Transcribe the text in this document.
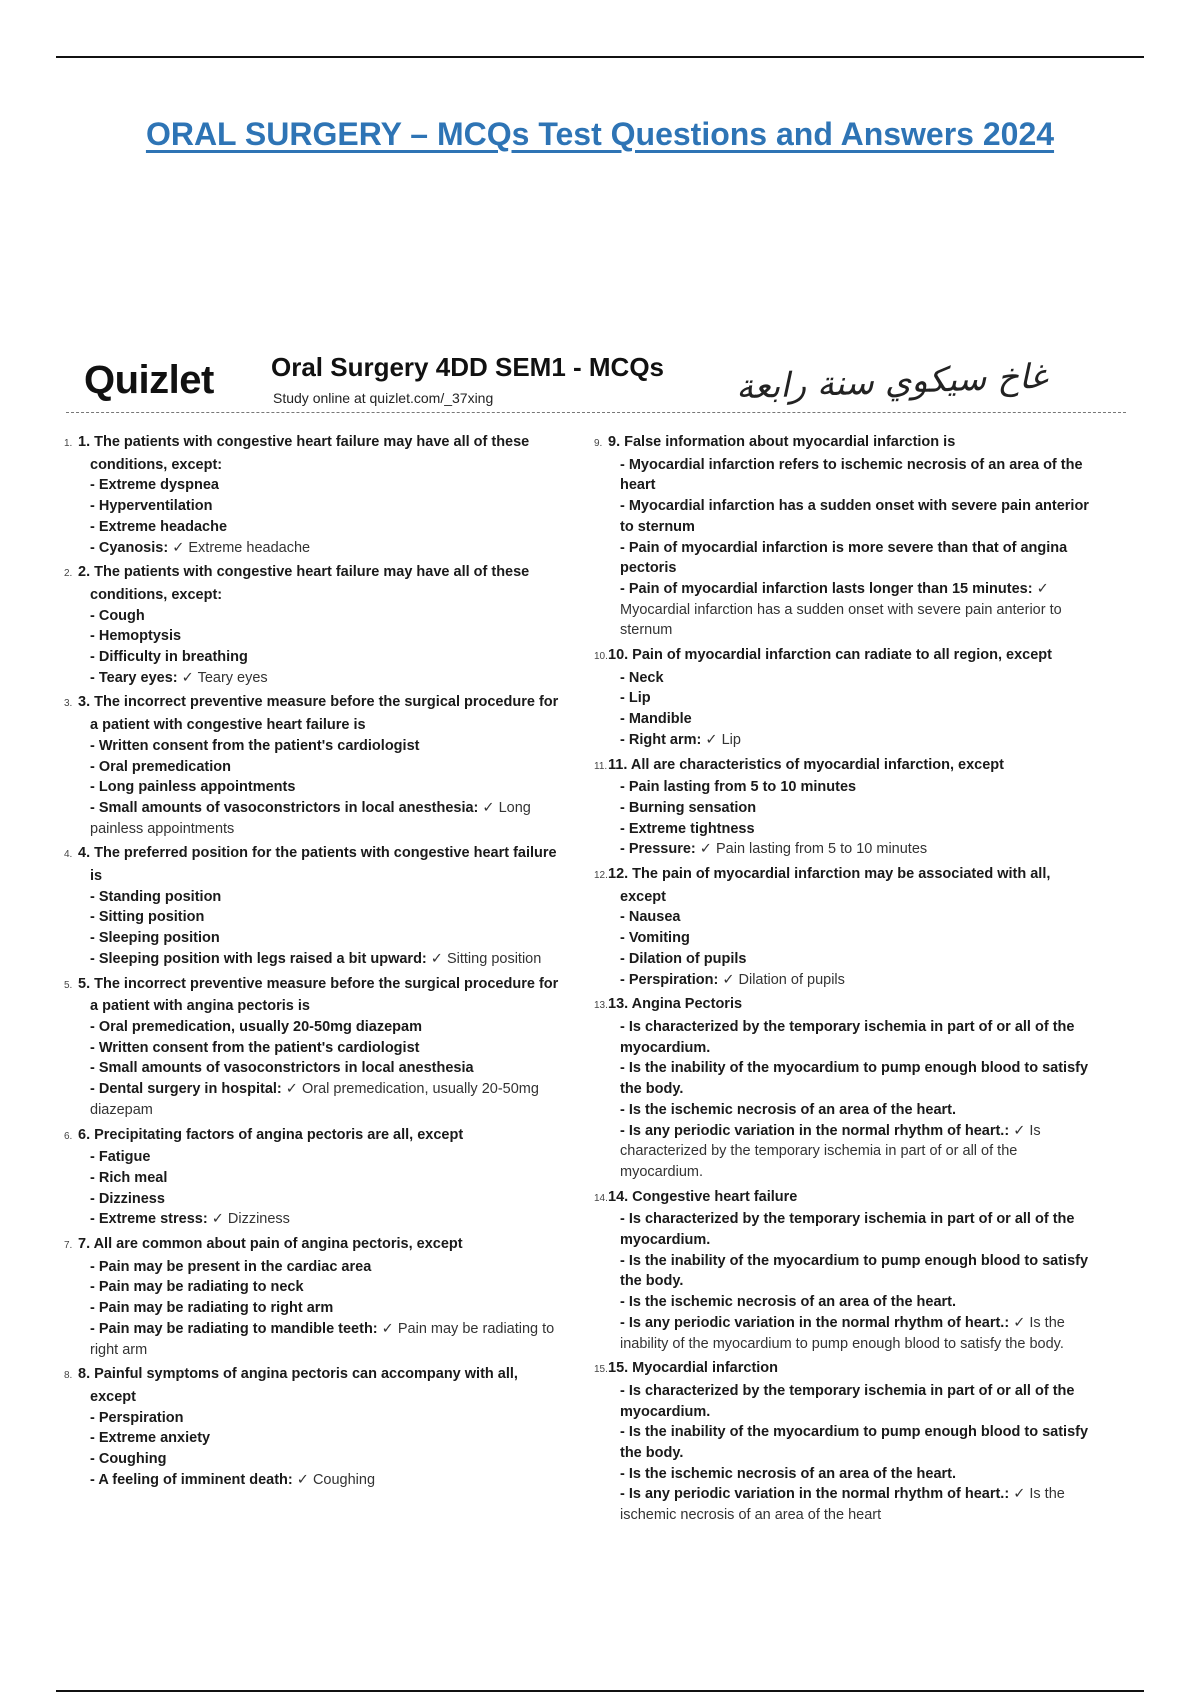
ORAL SURGERY – MCQs Test Questions and Answers 2024
Quizlet Oral Surgery 4DD SEM1 - MCQs
Study online at quizlet.com/_37xing	غاخ سيكوي سنة رابعة
1. 1. The patients with congestive heart failure may have all of these conditions, except:
- Extreme dyspnea
- Hyperventilation
- Extreme headache
- Cyanosis: ✓ Extreme headache
2. 2. The patients with congestive heart failure may have all of these conditions, except:
- Cough
- Hemoptysis
- Difficulty in breathing
- Teary eyes: ✓ Teary eyes
3. 3. The incorrect preventive measure before the surgical procedure for a patient with congestive heart failure is
- Written consent from the patient's cardiologist
- Oral premedication
- Long painless appointments
- Small amounts of vasoconstrictors in local anesthesia: ✓ Long painless appointments
4. 4. The preferred position for the patients with congestive heart failure is
- Standing position
- Sitting position
- Sleeping position
- Sleeping position with legs raised a bit upward: ✓ Sitting position
5. 5. The incorrect preventive measure before the surgical procedure for a patient with angina pectoris is
- Oral premedication, usually 20-50mg diazepam
- Written consent from the patient's cardiologist
- Small amounts of vasoconstrictors in local anesthesia
- Dental surgery in hospital: ✓ Oral premedication, usually 20-50mg diazepam
6. 6. Precipitating factors of angina pectoris are all, except
- Fatigue
- Rich meal
- Dizziness
- Extreme stress: ✓ Dizziness
7. 7. All are common about pain of angina pectoris, except
- Pain may be present in the cardiac area
- Pain may be radiating to neck
- Pain may be radiating to right arm
- Pain may be radiating to mandible teeth: ✓ Pain may be radiating to right arm
8. 8. Painful symptoms of angina pectoris can accompany with all, except
- Perspiration
- Extreme anxiety
- Coughing
- A feeling of imminent death: ✓ Coughing
9. 9. False information about myocardial infarction is
- Myocardial infarction refers to ischemic necrosis of an area of the heart
- Myocardial infarction has a sudden onset with severe pain anterior to sternum
- Pain of myocardial infarction is more severe than that of angina pectoris
- Pain of myocardial infarction lasts longer than 15 minutes: ✓ Myocardial infarction has a sudden onset with severe pain anterior to sternum
10.10. Pain of myocardial infarction can radiate to all region, except
- Neck
- Lip
- Mandible
- Right arm: ✓ Lip
11.11. All are characteristics of myocardial infarction, except
- Pain lasting from 5 to 10 minutes
- Burning sensation
- Extreme tightness
- Pressure: ✓ Pain lasting from 5 to 10 minutes
12.12. The pain of myocardial infarction may be associated with all, except
- Nausea
- Vomiting
- Dilation of pupils
- Perspiration: ✓ Dilation of pupils
13.13. Angina Pectoris
- Is characterized by the temporary ischemia in part of or all of the myocardium.
- Is the inability of the myocardium to pump enough blood to satisfy the body.
- Is the ischemic necrosis of an area of the heart.
- Is any periodic variation in the normal rhythm of heart.: ✓ Is characterized by the temporary ischemia in part of or all of the myocardium.
14.14. Congestive heart failure
- Is characterized by the temporary ischemia in part of or all of the myocardium.
- Is the inability of the myocardium to pump enough blood to satisfy the body.
- Is the ischemic necrosis of an area of the heart.
- Is any periodic variation in the normal rhythm of heart.: ✓ Is the inability of the myocardium to pump enough blood to satisfy the body.
15.15. Myocardial infarction
- Is characterized by the temporary ischemia in part of or all of the myocardium.
- Is the inability of the myocardium to pump enough blood to satisfy the body.
- Is the ischemic necrosis of an area of the heart.
- Is any periodic variation in the normal rhythm of heart.: ✓ Is the ischemic necrosis of an area of the heart
